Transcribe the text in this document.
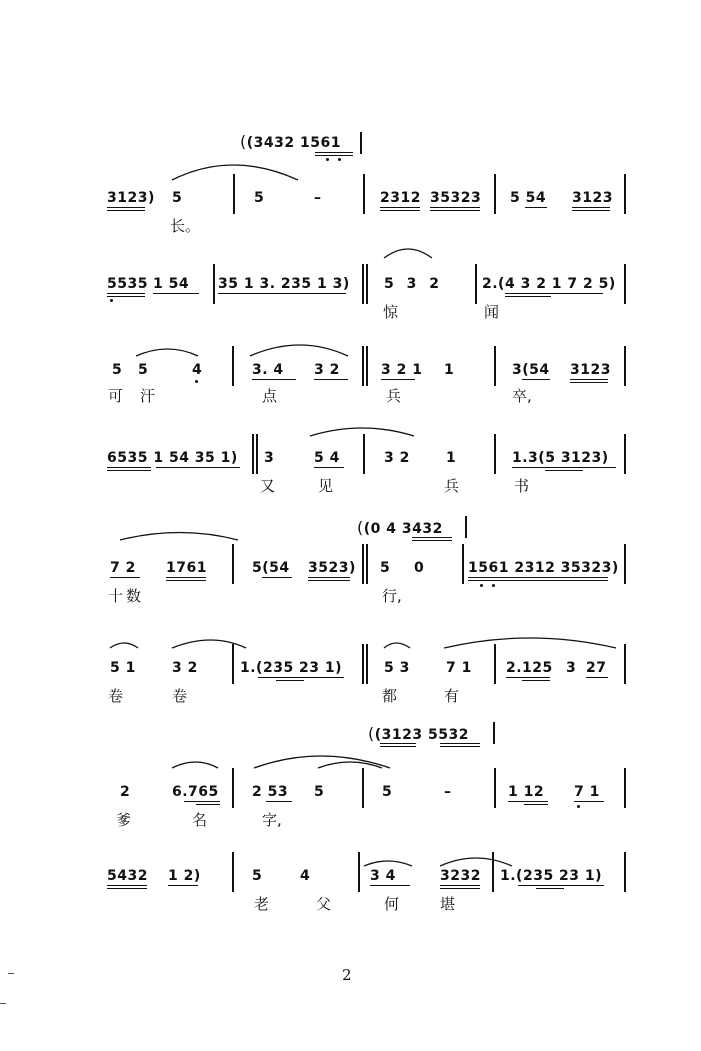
((3432 1561
3123) 5	5	–	2312 35323 5 54 3123
长。
5535 1 54 35 1 3. 235 1 3) 5 3 2	2.(4 3 2 1 7 2 5)
惊	闻
5 5	4	3. 4 3 2	3 2 1 1	3(54 3123
可 汗	点	兵	卒,
6535 1 54 35 1) 3	5 4	3 2	1	1.3(5 3123)
又	见	兵	书
((0 4 3432
7 2 1761	5(54 3523) 5 0	1561 2312 35323)
十 数	行,
5 1	3 2	1.(235 23 1)	5 3	7 1 2.125 3 27
卷	卷	都	有
((3123 5532
2	6.765 2 53 5	5	–	1 12 7 1
爹	名	字,
5432 1 2)	5	4	3 4	3232 1.(235 23 1)
老	父	何	堪
2
